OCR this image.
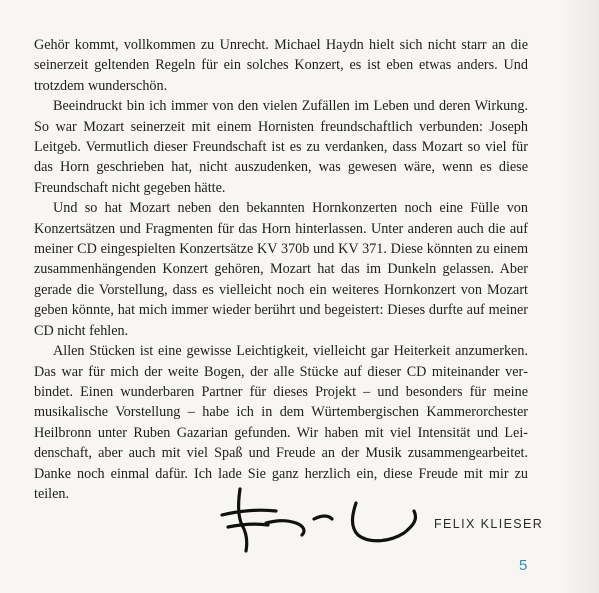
Gehör kommt, vollkommen zu Unrecht. Michael Haydn hielt sich nicht starr an die seinerzeit geltenden Regeln für ein solches Konzert, es ist eben etwas anders. Und trotzdem wunderschön.

Beeindruckt bin ich immer von den vielen Zufällen im Leben und deren Wirkung. So war Mozart seinerzeit mit einem Hornisten freundschaftlich verbunden: Joseph Leitgeb. Vermutlich dieser Freundschaft ist es zu verdanken, dass Mozart so viel für das Horn geschrieben hat, nicht auszudenken, was gewesen wäre, wenn es diese Freundschaft nicht gegeben hätte.

Und so hat Mozart neben den bekannten Hornkonzerten noch eine Fülle von Konzertsätzen und Fragmenten für das Horn hinterlassen. Unter anderen auch die auf meiner CD eingespielten Konzertsätze KV 370b und KV 371. Diese könnten zu einem zusammenhängenden Konzert gehören, Mozart hat das im Dunkeln gelassen. Aber gerade die Vorstellung, dass es vielleicht noch ein weiteres Hornkonzert von Mozart geben könnte, hat mich immer wieder berührt und begeistert: Dieses durfte auf meiner CD nicht fehlen.

Allen Stücken ist eine gewisse Leichtigkeit, vielleicht gar Heiterkeit anzumerken. Das war für mich der weite Bogen, der alle Stücke auf dieser CD miteinander verbindet. Einen wunderbaren Partner für dieses Projekt – und besonders für meine musikalische Vorstellung – habe ich in dem Würtembergischen Kammerorchester Heilbronn unter Ruben Gazarian gefunden. Wir haben mit viel Intensität und Leidenschaft, aber auch mit viel Spaß und Freude an der Musik zusammengearbeitet. Danke noch einmal dafür. Ich lade Sie ganz herzlich ein, diese Freude mit mir zu teilen.

FELIX KLIESER
5
